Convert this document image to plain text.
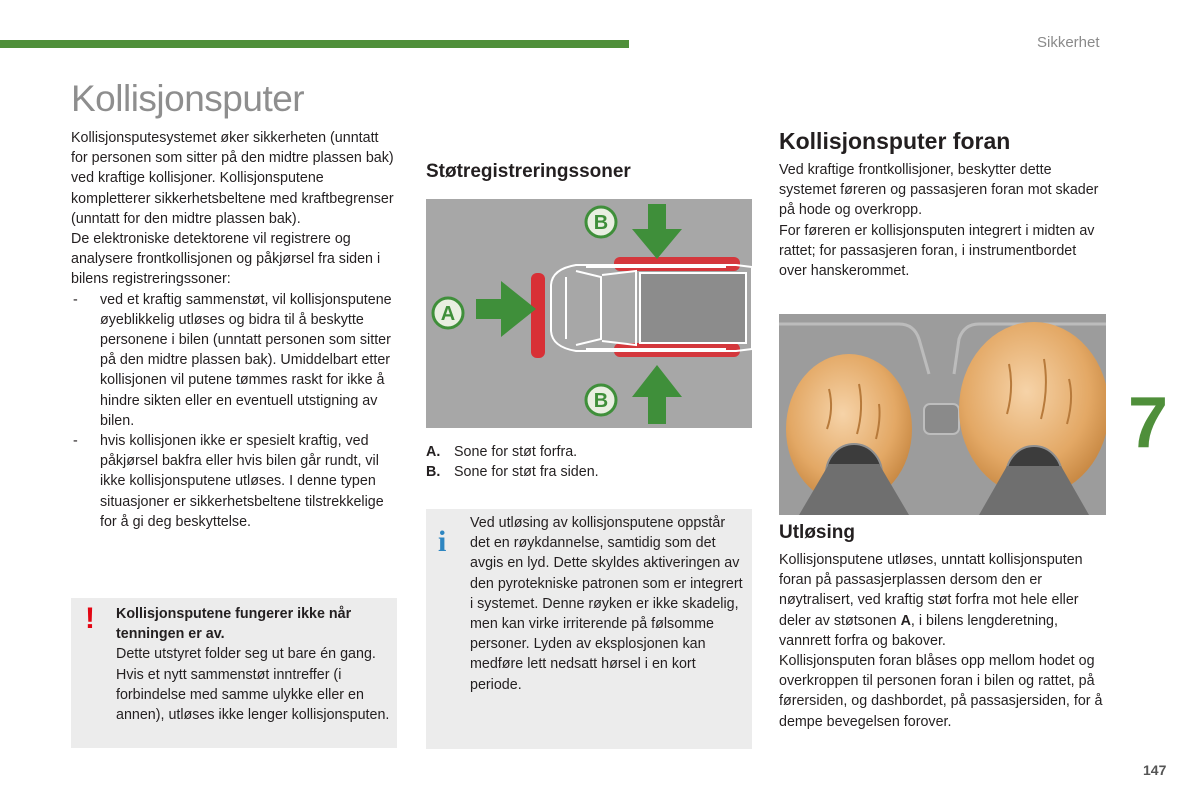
Sikkerhet
Kollisjonsputer

Kollisjonsputesystemet øker sikkerheten (unntatt for personen som sitter på den midtre plassen bak) ved kraftige kollisjoner. Kollisjonsputene kompletterer sikkerhetsbeltene med kraftbegrenser (unntatt for den midtre plassen bak).

De elektroniske detektorene vil registrere og analysere frontkollisjonen og påkjørsel fra siden i bilens registreringssoner:

- ved et kraftig sammenstøt, vil kollisjonsputene øyeblikkelig utløses og bidra til å beskytte personene i bilen (unntatt personen som sitter på den midtre plassen bak). Umiddelbart etter kollisjonen vil putene tømmes raskt for ikke å hindre sikten eller en eventuell utstigning av bilen.
- hvis kollisjonen ikke er spesielt kraftig, ved påkjørsel bakfra eller hvis bilen går rundt, vil ikke kollisjonsputene utløses. I denne typen situasjoner er sikkerhetsbeltene tilstrekkelige for å gi deg beskyttelse.
! Kollisjonsputene fungerer ikke når tenningen er av.
Dette utstyret folder seg ut bare én gang. Hvis et nytt sammenstøt inntreffer (i forbindelse med samme ulykke eller en annen), utløses ikke lenger kollisjonsputen.
Støtregistreringssoner
A
B
B
A. Sone for støt forfra.
B. Sone for støt fra siden.
i
Ved utløsing av kollisjonsputene oppstår det en røykdannelse, samtidig som det avgis en lyd. Dette skyldes aktiveringen av den pyrotekniske patronen som er integrert i systemet. Denne røyken er ikke skadelig, men kan virke irriterende på følsomme personer. Lyden av eksplosjonen kan medføre lett nedsatt hørsel i en kort periode.
Kollisjonsputer foran

Ved kraftige frontkollisjoner, beskytter dette systemet føreren og passasjeren foran mot skader på hode og overkropp.

For føreren er kollisjonsputen integrert i midten av rattet; for passasjeren foran, i instrumentbordet over hanskerommet.

Utløsing

Kollisjonsputene utløses, unntatt kollisjonsputen foran på passasjerplassen dersom den er nøytralisert, ved kraftig støt forfra mot hele eller deler av støtsonen A, i bilens lengderetning, vannrett forfra og bakover.

Kollisjonsputen foran blåses opp mellom hodet og overkroppen til personen foran i bilen og rattet, på førersiden, og dashbordet, på passasjersiden, for å dempe bevegelsen forover.

7
147
